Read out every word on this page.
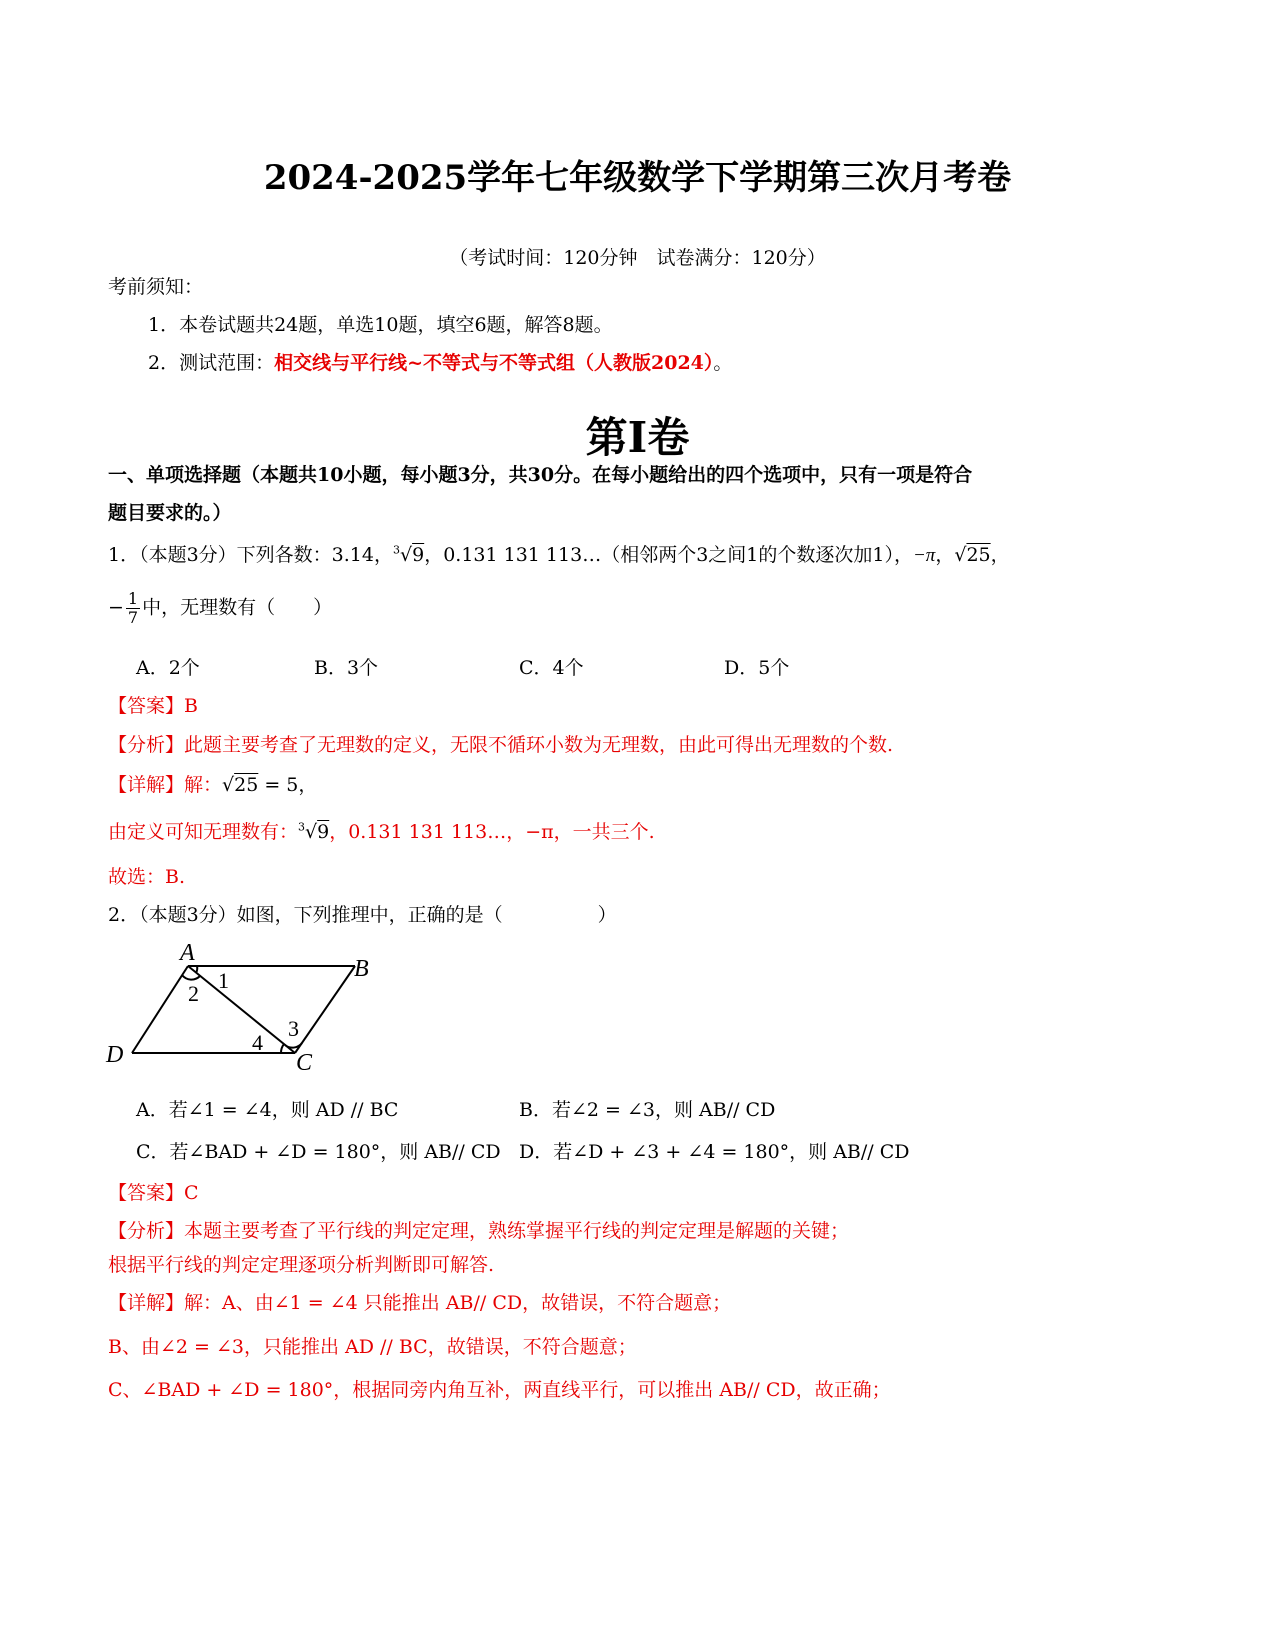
2024-2025学年七年级数学下学期第三次月考卷
（考试时间：120分钟　试卷满分：120分）
考前须知：
1．本卷试题共24题，单选10题，填空6题，解答8题。
2．测试范围：相交线与平行线~不等式与不等式组（人教版2024）。
第Ⅰ卷
一、单项选择题（本题共10小题，每小题3分，共30分。在每小题给出的四个选项中，只有一项是符合
题目要求的。）
1．（本题3分）下列各数：3.14，$^3$√9，0.131 131 113…（相邻两个3之间1的个数逐次加1），−π，√25，
− $\frac{1}{7}$ 中，无理数有（　　）
A．2个	B．3个	C．4个	D．5个
【答案】B
【分析】此题主要考查了无理数的定义，无限不循环小数为无理数，由此可得出无理数的个数.
【详解】解：√25 = 5，
由定义可知无理数有：$^3$√9，0.131 131 113…，−π，一共三个.
故选：B.
2．（本题3分）如图，下列推理中，正确的是（　　　　　）
A
B
C
D
1
2
3
4
A．若∠1 = ∠4，则 AD // BC	B．若∠2 = ∠3，则 AB// CD
C．若∠BAD + ∠D = 180°，则 AB// CD D．若∠D + ∠3 + ∠4 = 180°，则 AB// CD
【答案】C
【分析】本题主要考查了平行线的判定定理，熟练掌握平行线的判定定理是解题的关键；
根据平行线的判定定理逐项分析判断即可解答.
【详解】解：A、由∠1 = ∠4 只能推出 AB// CD，故错误，不符合题意；
B、由∠2 = ∠3，只能推出 AD // BC，故错误，不符合题意；
C、∠BAD + ∠D = 180°，根据同旁内角互补，两直线平行，可以推出 AB// CD，故正确；
